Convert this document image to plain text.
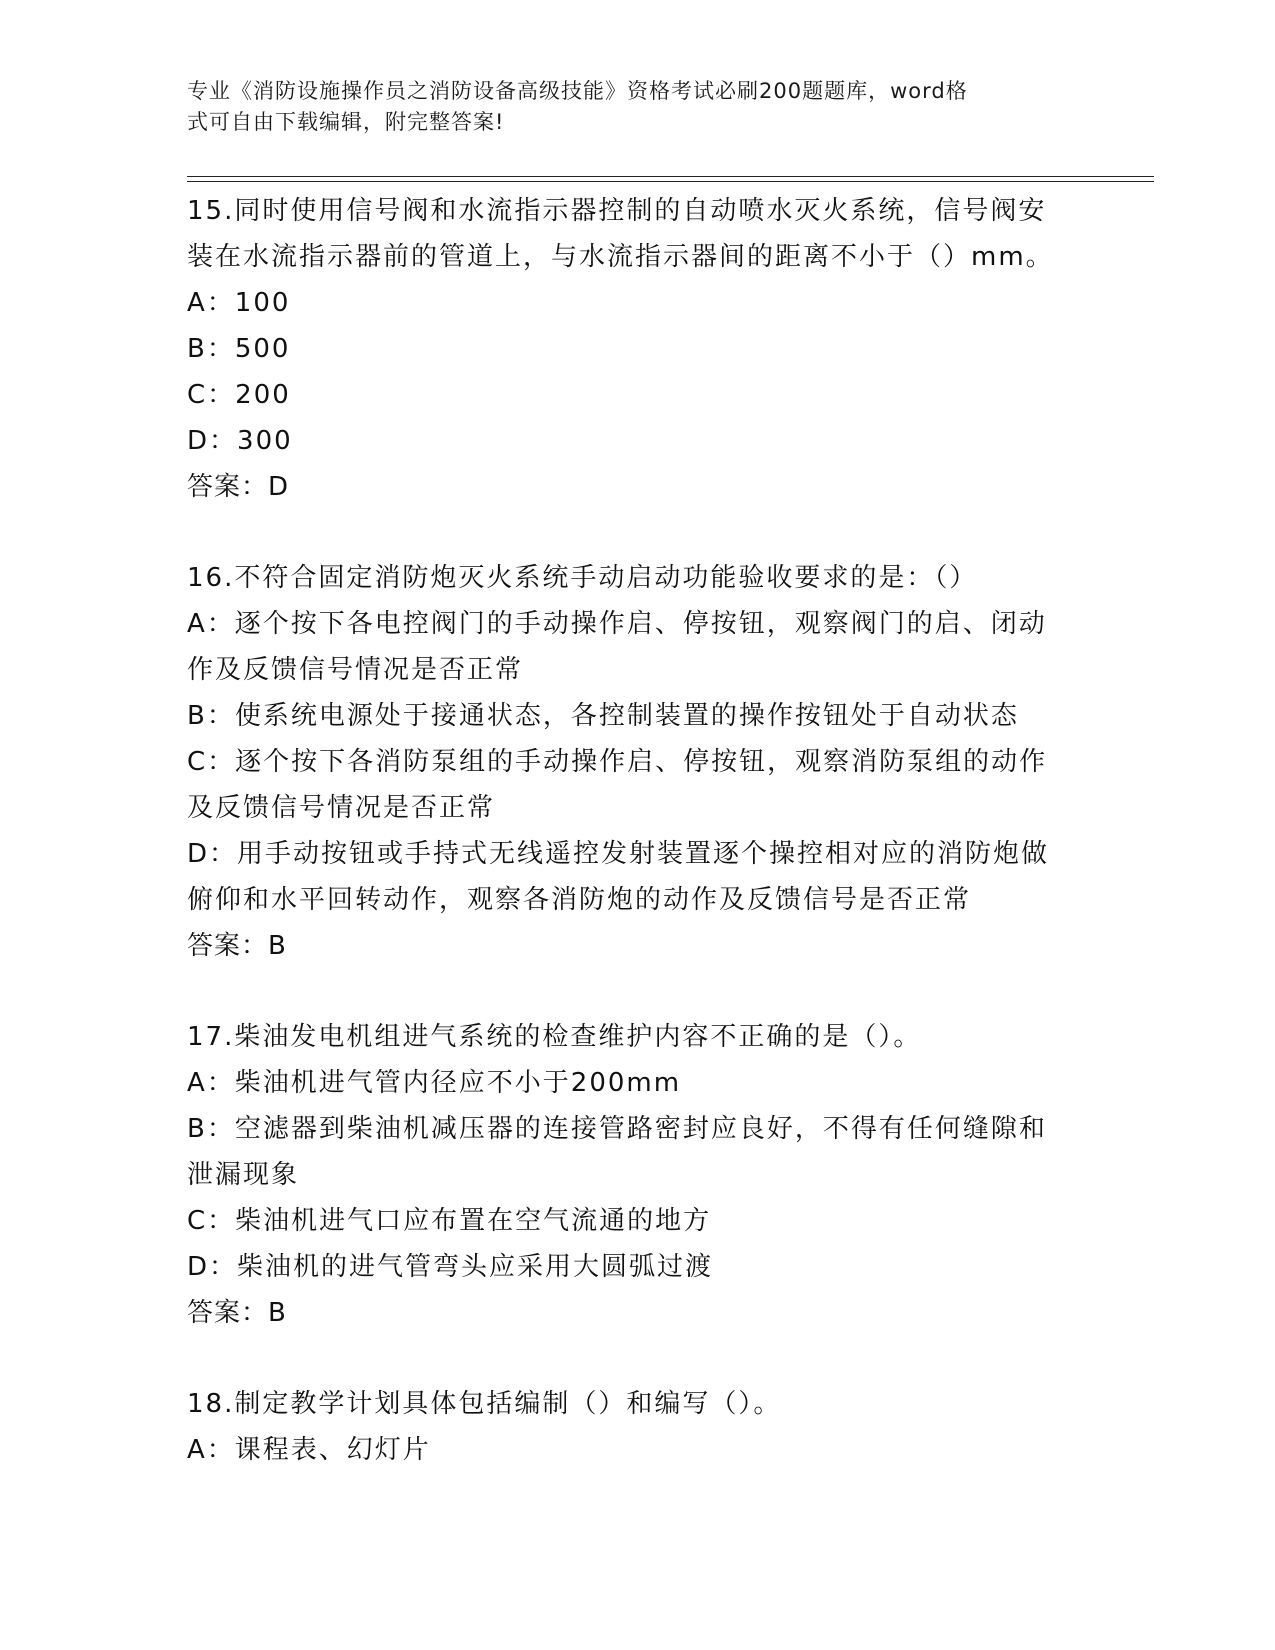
专业《消防设施操作员之消防设备高级技能》资格考试必刷200题题库，word格
式可自由下载编辑，附完整答案!
15.同时使用信号阀和水流指示器控制的自动喷水灭火系统，信号阀安
装在水流指示器前的管道上，与水流指示器间的距离不小于（）mm。
A：100
B：500
C：200
D：300
答案：D
16.不符合固定消防炮灭火系统手动启动功能验收要求的是：（）
A：逐个按下各电控阀门的手动操作启、停按钮，观察阀门的启、闭动
作及反馈信号情况是否正常
B：使系统电源处于接通状态，各控制装置的操作按钮处于自动状态
C：逐个按下各消防泵组的手动操作启、停按钮，观察消防泵组的动作
及反馈信号情况是否正常
D：用手动按钮或手持式无线遥控发射装置逐个操控相对应的消防炮做
俯仰和水平回转动作，观察各消防炮的动作及反馈信号是否正常
答案：B
17.柴油发电机组进气系统的检查维护内容不正确的是（）。
A：柴油机进气管内径应不小于200mm
B：空滤器到柴油机减压器的连接管路密封应良好，不得有任何缝隙和
泄漏现象
C：柴油机进气口应布置在空气流通的地方
D：柴油机的进气管弯头应采用大圆弧过渡
答案：B
18.制定教学计划具体包括编制（）和编写（）。
A：课程表、幻灯片
